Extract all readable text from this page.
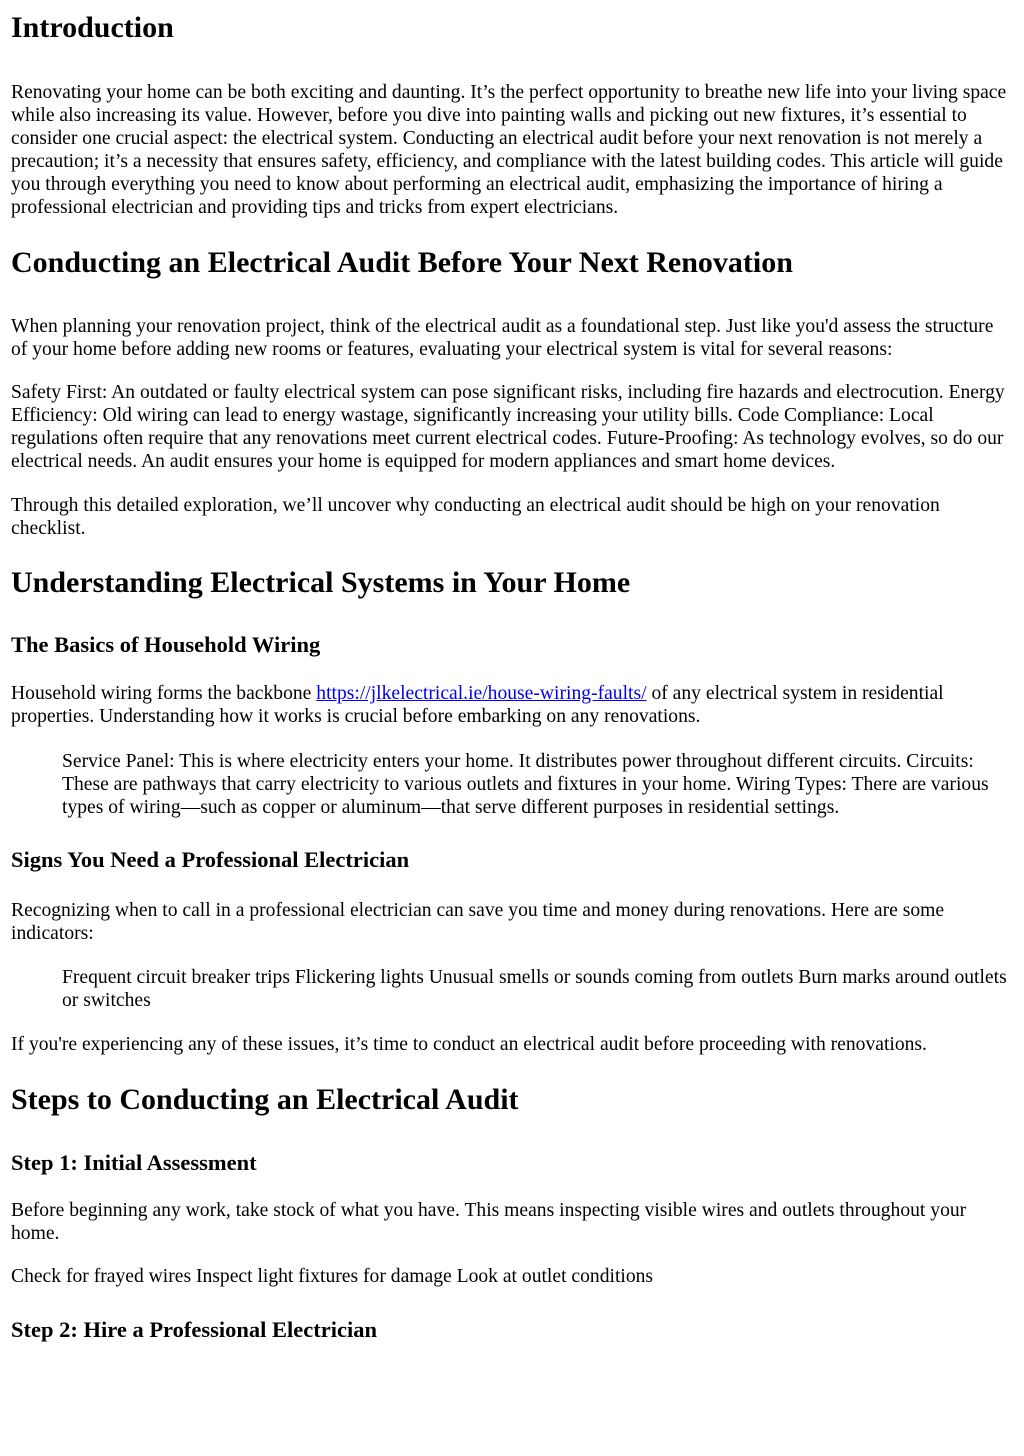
Introduction

Renovating your home can be both exciting and daunting. It’s the perfect opportunity to breathe new life into your living space while also increasing its value. However, before you dive into painting walls and picking out new fixtures, it’s essential to consider one crucial aspect: the electrical system. Conducting an electrical audit before your next renovation is not merely a precaution; it’s a necessity that ensures safety, efficiency, and compliance with the latest building codes. This article will guide you through everything you need to know about performing an electrical audit, emphasizing the importance of hiring a professional electrician and providing tips and tricks from expert electricians.

Conducting an Electrical Audit Before Your Next Renovation

When planning your renovation project, think of the electrical audit as a foundational step. Just like you'd assess the structure of your home before adding new rooms or features, evaluating your electrical system is vital for several reasons:

Safety First: An outdated or faulty electrical system can pose significant risks, including fire hazards and electrocution. Energy Efficiency: Old wiring can lead to energy wastage, significantly increasing your utility bills. Code Compliance: Local regulations often require that any renovations meet current electrical codes. Future-Proofing: As technology evolves, so do our electrical needs. An audit ensures your home is equipped for modern appliances and smart home devices.

Through this detailed exploration, we’ll uncover why conducting an electrical audit should be high on your renovation checklist.

Understanding Electrical Systems in Your Home
The Basics of Household Wiring

Household wiring forms the backbone https://jlkelectrical.ie/house-wiring-faults/ of any electrical system in residential properties. Understanding how it works is crucial before embarking on any renovations.

Service Panel: This is where electricity enters your home. It distributes power throughout different circuits. Circuits: These are pathways that carry electricity to various outlets and fixtures in your home. Wiring Types: There are various types of wiring—such as copper or aluminum—that serve different purposes in residential settings.

Signs You Need a Professional Electrician

Recognizing when to call in a professional electrician can save you time and money during renovations. Here are some indicators:

Frequent circuit breaker trips Flickering lights Unusual smells or sounds coming from outlets Burn marks around outlets or switches

If you're experiencing any of these issues, it’s time to conduct an electrical audit before proceeding with renovations.

Steps to Conducting an Electrical Audit
Step 1: Initial Assessment

Before beginning any work, take stock of what you have. This means inspecting visible wires and outlets throughout your home.

Check for frayed wires Inspect light fixtures for damage Look at outlet conditions

Step 2: Hire a Professional Electrician
